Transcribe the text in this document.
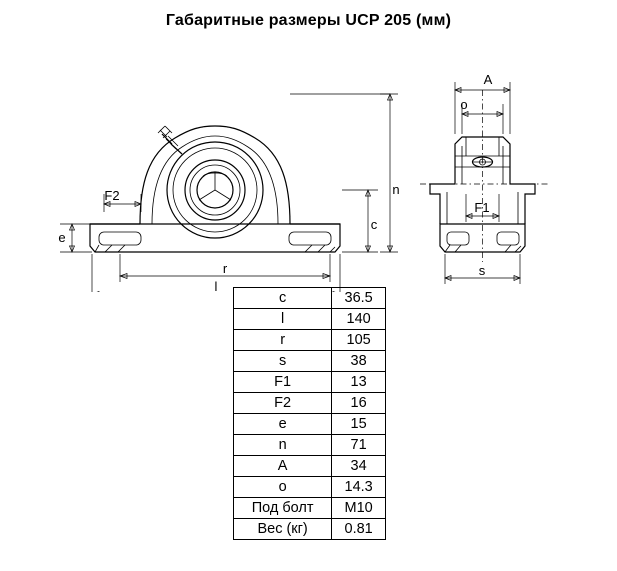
Габаритные размеры UCP 205 (мм)
F2
e
r
l
c
n
A
o
F1
s
c	36.5
l	140
r	105
s	38
F1	13
F2	16
e	15
n	71
A	34
o	14.3
Под болт	M10
Вес (кг)	0.81
